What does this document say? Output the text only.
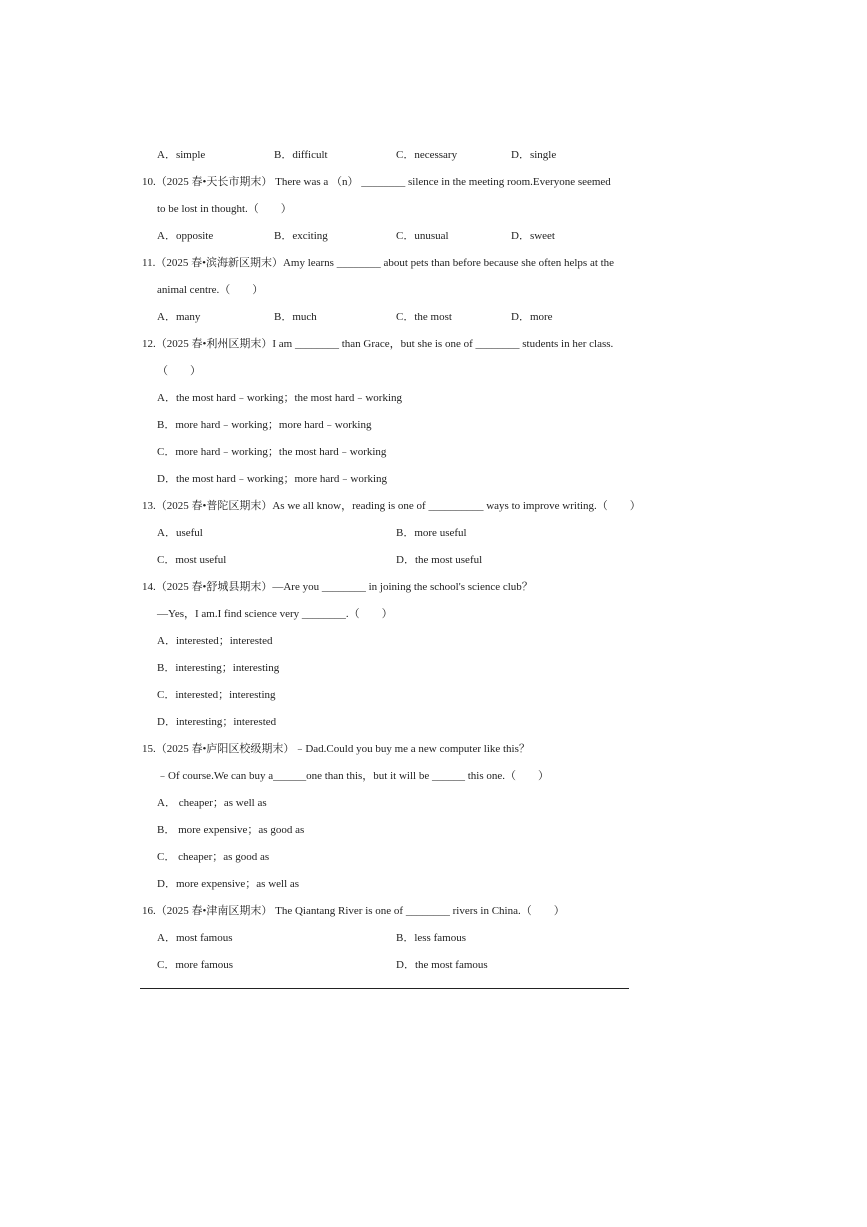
A．simple	B．difficult	C．necessary	D．single
10.（2025 春•天长市期末） There was a （n） ________ silence in the meeting room.Everyone seemed
to be lost in thought.（　　）
A．opposite	B．exciting	C．unusual	D．sweet
11.（2025 春•滨海新区期末）Amy learns ________ about pets than before because she often helps at the
animal centre.（　　）
A．many	B．much	C．the most	D．more
12.（2025 春•利州区期末）I am ________ than Grace，but she is one of ________ students in her class.
（　　）
A．the most hard﹣working；the most hard﹣working
B．more hard﹣working；more hard﹣working
C．more hard﹣working；the most hard﹣working
D．the most hard﹣working；more hard﹣working
13.（2025 春•普陀区期末）As we all know，reading is one of __________ ways to improve writing.（　　）
A．useful	B．more useful
C．most useful	D．the most useful
14.（2025 春•舒城县期末）—Are you ________ in joining the school's science club？
—Yes，I am.I find science very ________.（　　）
A．interested；interested
B．interesting；interesting
C．interested；interesting
D．interesting；interested
15.（2025 春•庐阳区校级期末）﹣Dad.Could you buy me a new computer like this？
﹣Of course.We can buy a______one than this，but it will be ______ this one.（　　）
A． cheaper；as well as
B． more expensive；as good as
C． cheaper；as good as
D．more expensive；as well as
16.（2025 春•津南区期末） The Qiantang River is one of ________ rivers in China.（　　）
A．most famous	B．less famous
C．more famous	D．the most famous
